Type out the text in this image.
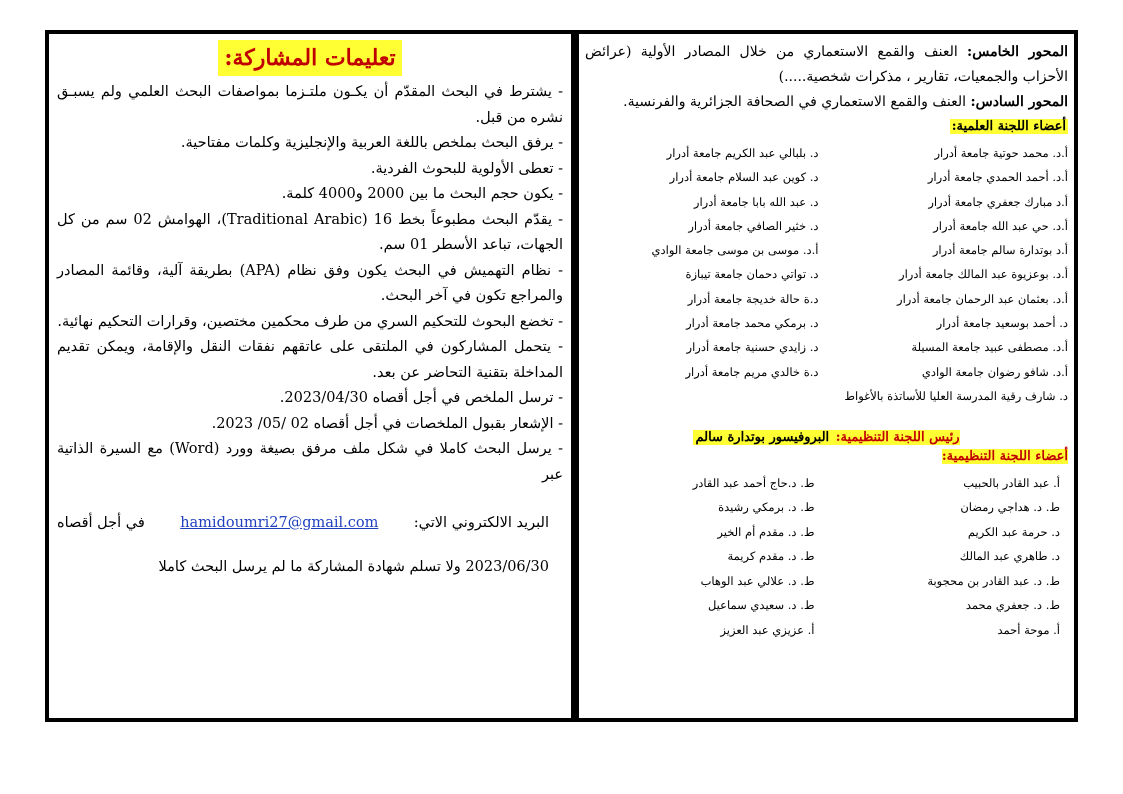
تعليمات المشاركة:

- يشترط في البحث المقدّم أن يكـون ملتـزما بمواصفات البحث العلمي ولم يسبـق نشره من قبل.

- يرفق البحث بملخص باللغة العربية والإنجليزية وكلمات مفتاحية.

- تعطى الأولوية للبحوث الفردية.

- يكون حجم البحث ما بين 2000 و4000 كلمة.

- يقدّم البحث مطبوعاً بخط 16 (Traditional Arabic)، الهوامش 02 سم من كل الجهات، تباعد الأسطر 01 سم.

- نظام التهميش في البحث يكون وفق نظام (APA) بطريقة آلية، وقائمة المصادر والمراجع تكون في آخر البحث.

- تخضع البحوث للتحكيم السري من طرف محكمين مختصين، وقرارات التحكيم نهائية.

- يتحمل المشاركون في الملتقى على عاتقهم نفقات النقل والإقامة، ويمكن تقديم المداخلة بتقنية التحاضر عن بعد.

- ترسل الملخص في أجل أقصاه 2023/04/30.

- الإشعار بقبول الملخصات في أجل أقصاه 02 /05/ 2023.

- يرسل البحث كاملا في شكل ملف مرفق بصيغة وورد (Word) مع السيرة الذاتية عبر

البريد الالكتروني الاتي:
hamidoumri27@gmail.com
في أجل أقصاه

2023/06/30 ولا تسلم شهادة المشاركة ما لم يرسل البحث كاملا

المحور الخامس: العنف والقمع الاستعماري من خلال المصادر الأولية (عرائض الأحزاب والجمعيات، تقارير ، مذكرات شخصية.....)

المحور السادس: العنف والقمع الاستعماري في الصحافة الجزائرية والفرنسية.

أعضاء اللجنة العلمية:
أ.د. محمد حوتية جامعة أدرار
د. بلبالي عبد الكريم جامعة أدرار
أ.د. أحمد الحمدي جامعة أدرار
د. كوين عبد السلام جامعة أدرار
أ.د مبارك جعفري جامعة أدرار
د. عبد الله بابا جامعة أدرار
أ.د. حي عبد الله جامعة أدرار
د. خثير الصافي جامعة أدرار
أ.د بوتدارة سالم جامعة أدرار
أ.د. موسى بن موسى جامعة الوادي
أ.د. بوعزيوة عبد المالك جامعة أدرار
د. تواتي دحمان جامعة تيبازة
أ.د. بعثمان عبد الرحمان جامعة أدرار
د.ة حالة خديجة جامعة أدرار
د. أحمد بوسعيد جامعة أدرار
د. برمكي محمد جامعة أدرار
أ.د. مصطفى عبيد جامعة المسيلة
د. زايدي حسنية جامعة أدرار
أ.د. شافو رضوان جامعة الوادي
د.ة خالدي مريم جامعة أدرار
د. شارف رقية المدرسة العليا للأساتذة بالأغواط
رئيس اللجنة التنظيمية: البروفيسور بوتدارة سالم
أعضاء اللجنة التنظيمية:
أ. عبد القادر بالحبيب
ط. د.حاج أحمد عبد القادر
ط. د. هداجي رمضان
ط. د. برمكي رشيدة
د. حرمة عبد الكريم
ط. د. مقدم أم الخير
د. طاهري عبد المالك
ط. د. مقدم كريمة
ط. د. عبد القادر بن محجوبة
ط. د. علالي عبد الوهاب
ط. د. جعفري محمد
ط. د. سعيدي سماعيل
أ. موحة أحمد
أ. عزيزي عبد العزيز
